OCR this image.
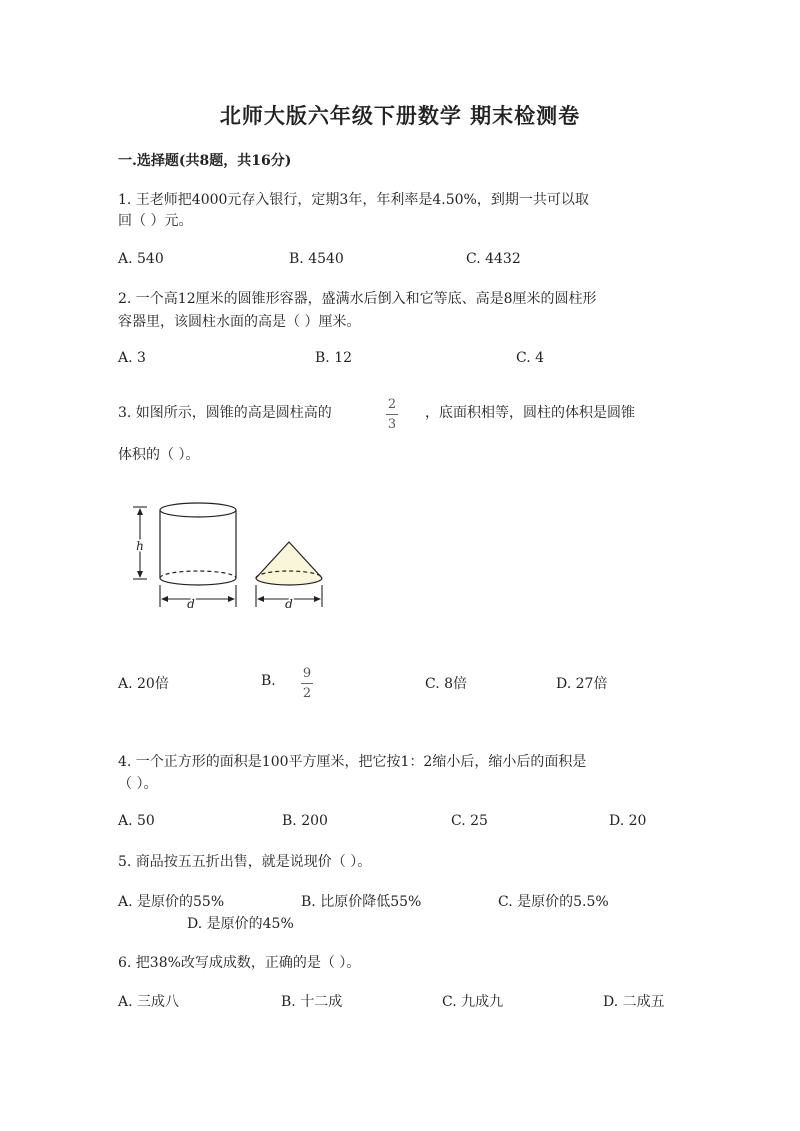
北师大版六年级下册数学 期末检测卷
一.选择题(共8题，共16分)
1. 王老师把4000元存入银行，定期3年，年利率是4.50%，到期一共可以取
回（ ）元。
A. 540	B. 4540	C. 4432
2. 一个高12厘米的圆锥形容器，盛满水后倒入和它等底、高是8厘米的圆柱形
容器里，该圆柱水面的高是（ ）厘米。
A. 3	B. 12	C. 4
3. 如图所示，圆锥的高是圆柱高的
2
3
，底面积相等，圆柱的体积是圆锥
体积的（ ）。
h
d	d
A. 20倍	B. 9
2
C. 8倍	D. 27倍
4. 一个正方形的面积是100平方厘米，把它按1：2缩小后，缩小后的面积是
（ ）。
A. 50	B. 200	C. 25	D. 20
5. 商品按五五折出售，就是说现价（ ）。
A. 是原价的55%	B. 比原价降低55%	C. 是原价的5.5%
D. 是原价的45%
6. 把38%改写成成数，正确的是（ ）。
A. 三成八	B. 十二成	C. 九成九	D. 二成五
